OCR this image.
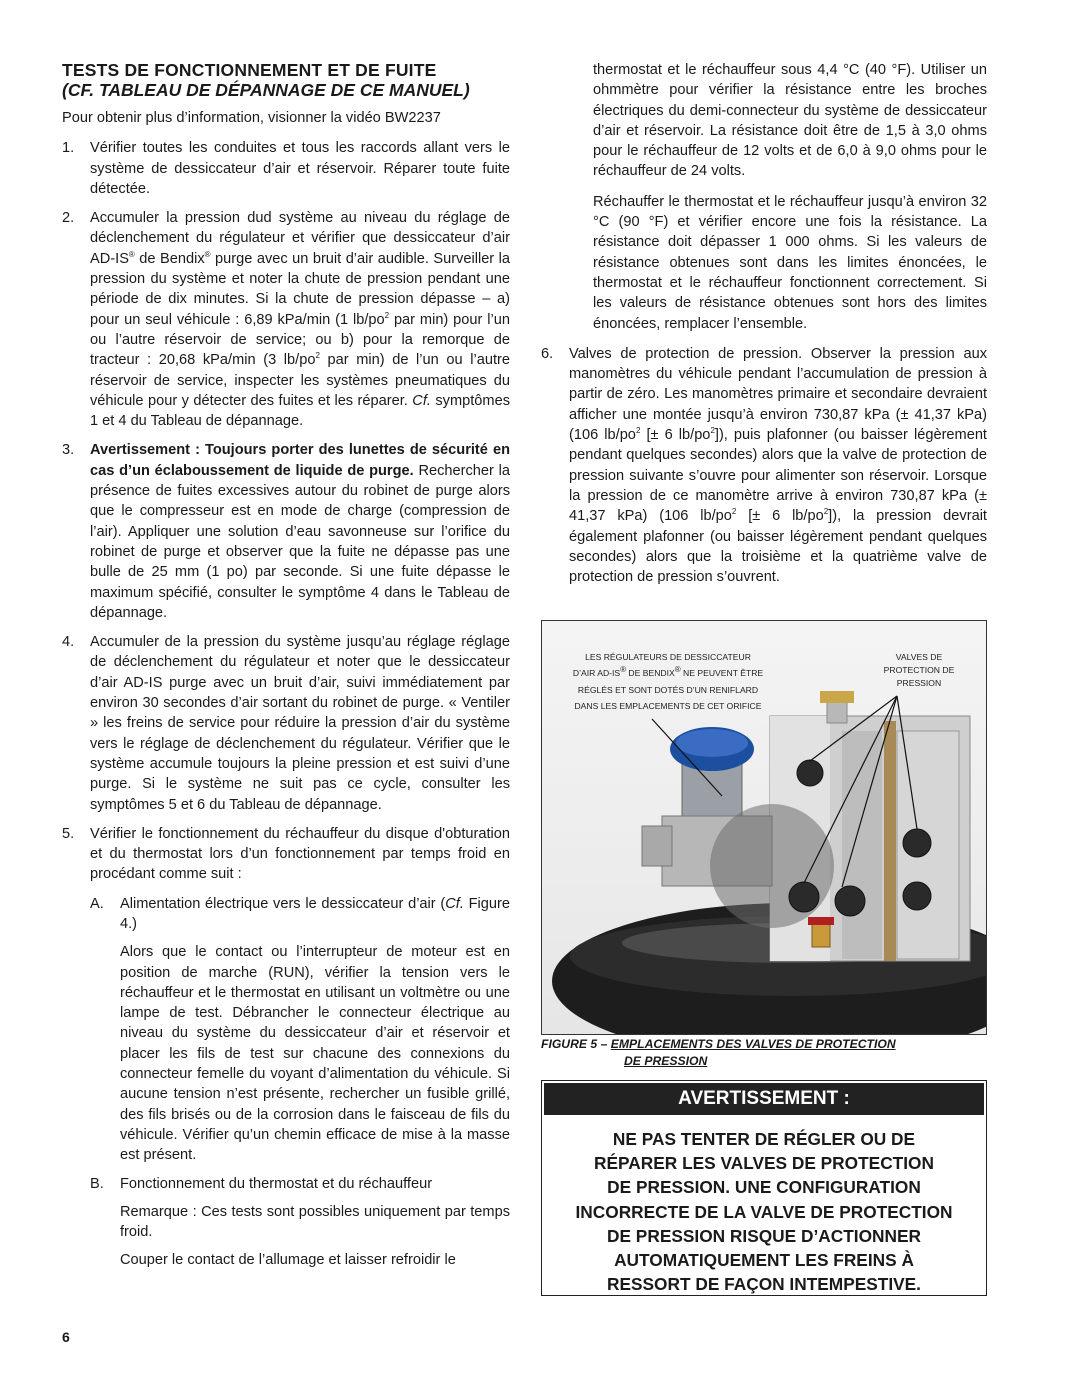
TESTS DE FONCTIONNEMENT ET DE FUITE
(CF. TABLEAU DE DÉPANNAGE DE CE MANUEL)

Pour obtenir plus d’information, visionner la vidéo BW2237

1. Vérifier toutes les conduites et tous les raccords allant vers le système de dessiccateur d’air et réservoir. Réparer toute fuite détectée.
2. Accumuler la pression dud système au niveau du réglage de déclenchement du régulateur et vérifier que dessiccateur d’air AD-IS® de Bendix® purge avec un bruit d’air audible. Surveiller la pression du système et noter la chute de pression pendant une période de dix minutes. Si la chute de pression dépasse – a) pour un seul véhicule : 6,89 kPa/min (1 $lb/po^2$ par min) pour l’un ou l’autre réservoir de service; ou b) pour la remorque de tracteur : 20,68 kPa/min (3 $lb/po^2$ par min) de l’un ou l’autre réservoir de service, inspecter les systèmes pneumatiques du véhicule pour y détecter des fuites et les réparer. Cf. symptômes 1 et 4 du Tableau de dépannage.
3. Avertissement : Toujours porter des lunettes de sécurité en cas d’un éclaboussement de liquide de purge. Rechercher la présence de fuites excessives autour du robinet de purge alors que le compresseur est en mode de charge (compression de l’air). Appliquer une solution d’eau savonneuse sur l’orifice du robinet de purge et observer que la fuite ne dépasse pas une bulle de 25 mm (1 po) par seconde. Si une fuite dépasse le maximum spécifié, consulter le symptôme 4 dans le Tableau de dépannage.
4. Accumuler de la pression du système jusqu’au réglage réglage de déclenchement du régulateur et noter que le dessiccateur d’air AD-IS purge avec un bruit d’air, suivi immédiatement par environ 30 secondes d’air sortant du robinet de purge. « Ventiler » les freins de service pour réduire la pression d’air du système vers le réglage de déclenchement du régulateur. Vérifier que le système accumule toujours la pleine pression et est suivi d’une purge. Si le système ne suit pas ce cycle, consulter les symptômes 5 et 6 du Tableau de dépannage.
5. Vérifier le fonctionnement du réchauffeur du disque d'obturation et du thermostat lors d’un fonctionnement par temps froid en procédant comme suit :
A. Alimentation électrique vers le dessiccateur d’air (Cf. Figure 4.)

Alors que le contact ou l’interrupteur de moteur est en position de marche (RUN), vérifier la tension vers le réchauffeur et le thermostat en utilisant un voltmètre ou une lampe de test. Débrancher le connecteur électrique au niveau du système du dessiccateur d’air et réservoir et placer les fils de test sur chacune des connexions du connecteur femelle du voyant d’alimentation du véhicule. Si aucune tension n’est présente, rechercher un fusible grillé, des fils brisés ou de la corrosion dans le faisceau de fils du véhicule. Vérifier qu’un chemin efficace de mise à la masse est présent.

B. Fonctionnement du thermostat et du réchauffeur

Remarque : Ces tests sont possibles uniquement par temps froid.

Couper le contact de l’allumage et laisser refroidir le

thermostat et le réchauffeur sous 4,4 °C (40 °F). Utiliser un ohmmètre pour vérifier la résistance entre les broches électriques du demi-connecteur du système de dessiccateur d’air et réservoir. La résistance doit être de 1,5 à 3,0 ohms pour le réchauffeur de 12 volts et de 6,0 à 9,0 ohms pour le réchauffeur de 24 volts.

Réchauffer le thermostat et le réchauffeur jusqu’à environ 32 °C (90 °F) et vérifier encore une fois la résistance. La résistance doit dépasser 1 000 ohms. Si les valeurs de résistance obtenues sont dans les limites énoncées, le thermostat et le réchauffeur fonctionnent correctement. Si les valeurs de résistance obtenues sont hors des limites énoncées, remplacer l’ensemble.

6. Valves de protection de pression. Observer la pression aux manomètres du véhicule pendant l’accumulation de pression à partir de zéro. Les manomètres primaire et secondaire devraient afficher une montée jusqu’à environ 730,87 kPa (± 41,37 kPa) (106 $lb/po^2$ [± 6 $lb/po^2$]), puis plafonner (ou baisser légèrement pendant quelques secondes) alors que la valve de protection de pression suivante s’ouvre pour alimenter son réservoir. Lorsque la pression de ce manomètre arrive à environ 730,87 kPa (± 41,37 kPa) (106 $lb/po^2$ [± 6 $lb/po^2$]), la pression devrait également plafonner (ou baisser légèrement pendant quelques secondes) alors que la troisième et la quatrième valve de protection de pression s’ouvrent.
LES RÉGULATEURS DE DESSICCATEUR
D’AIR AD-IS® DE BENDIX® NE PEUVENT ÊTRE
RÉGLÉS ET SONT DOTÉS D’UN RENIFLARD
DANS LES EMPLACEMENTS DE CET ORIFICE
VALVES DE PROTECTION DE PRESSION
FIGURE 5 – EMPLACEMENTS DES VALVES DE PROTECTION
DE PRESSION
AVERTISSEMENT :
NE PAS TENTER DE RÉGLER OU DE
RÉPARER LES VALVES DE PROTECTION
DE PRESSION. UNE CONFIGURATION
INCORRECTE DE LA VALVE DE PROTECTION
DE PRESSION RISQUE D’ACTIONNER
AUTOMATIQUEMENT LES FREINS À
RESSORT DE FAÇON INTEMPESTIVE.
6
